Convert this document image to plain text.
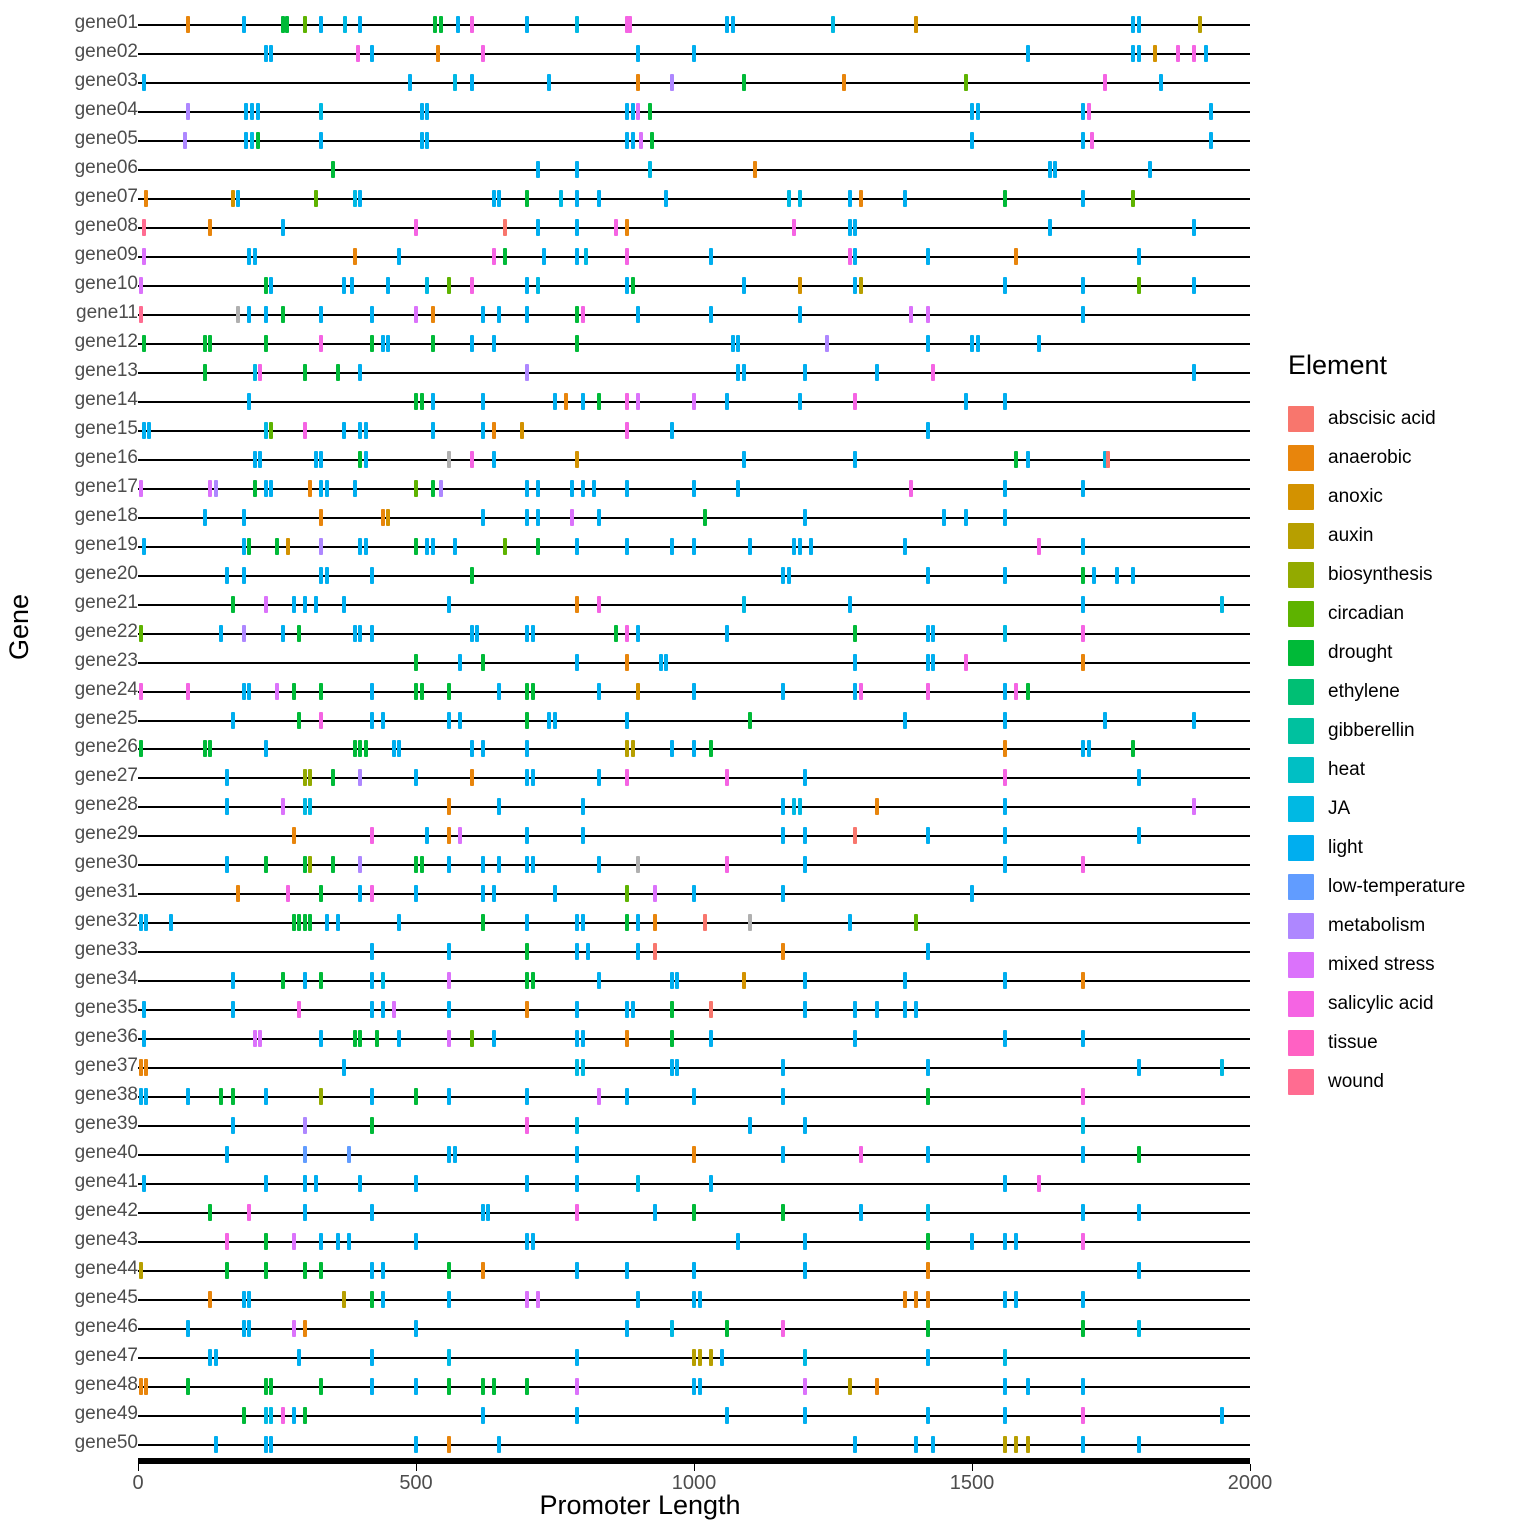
Gene
Promoter Length
0	500	1000	1500	2000
Element
abscisic acid
anaerobic
anoxic
auxin
biosynthesis
circadian
drought
ethylene
gibberellin
heat
JA
light
low-temperature
metabolism
mixed stress
salicylic acid
tissue
wound
gene01
gene02
gene03
gene04
gene05
gene06
gene07
gene08
gene09
gene10
gene11
gene12
gene13
gene14
gene15
gene16
gene17
gene18
gene19
gene20
gene21
gene22
gene23
gene24
gene25
gene26
gene27
gene28
gene29
gene30
gene31
gene32
gene33
gene34
gene35
gene36
gene37
gene38
gene39
gene40
gene41
gene42
gene43
gene44
gene45
gene46
gene47
gene48
gene49
gene50
